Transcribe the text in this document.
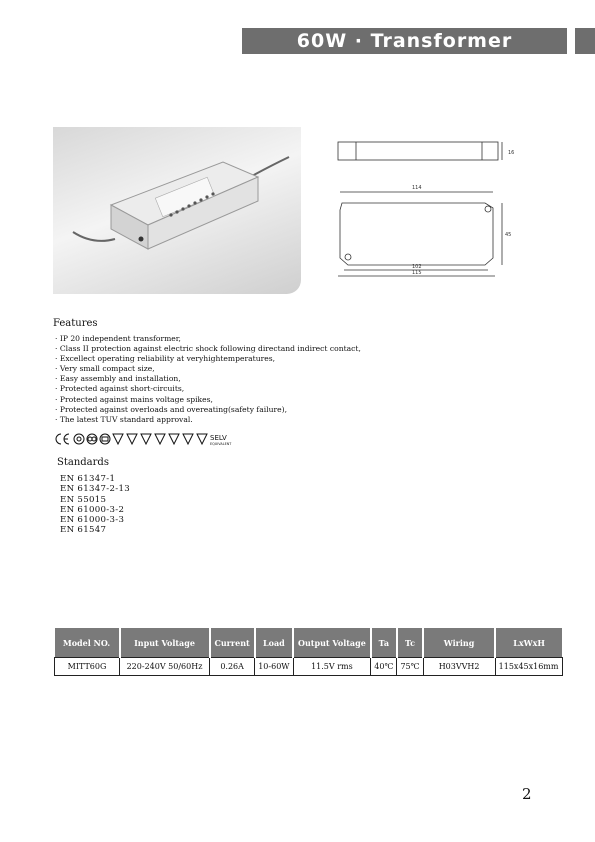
60W · Transformer
16
114
45
102
115
Features
· IP 20 independent transformer,
· Class II protection against electric shock following directand indirect contact,
· Excellect operating reliability at veryhightemperatures,
· Very small compact size,
· Easy assembly and installation,
· Protected against short-circuits,
· Protected against mains voltage spikes,
· Protected against overloads and overeating(safety failure),
· The latest TUV standard approval.
SELV
EQUIVALENT
Standards
EN 61347-1
EN 61347-2-13
EN 55015
EN 61000-3-2
EN 61000-3-3
EN 61547
Model NO.	Input Voltage	Current	Load	Output Voltage	Ta	Tc	Wiring	LxWxH
MITT60G	220-240V 50/60Hz	0.26A	10-60W	11.5V rms	40℃	75℃	H03VVH2	115x45x16mm
2
